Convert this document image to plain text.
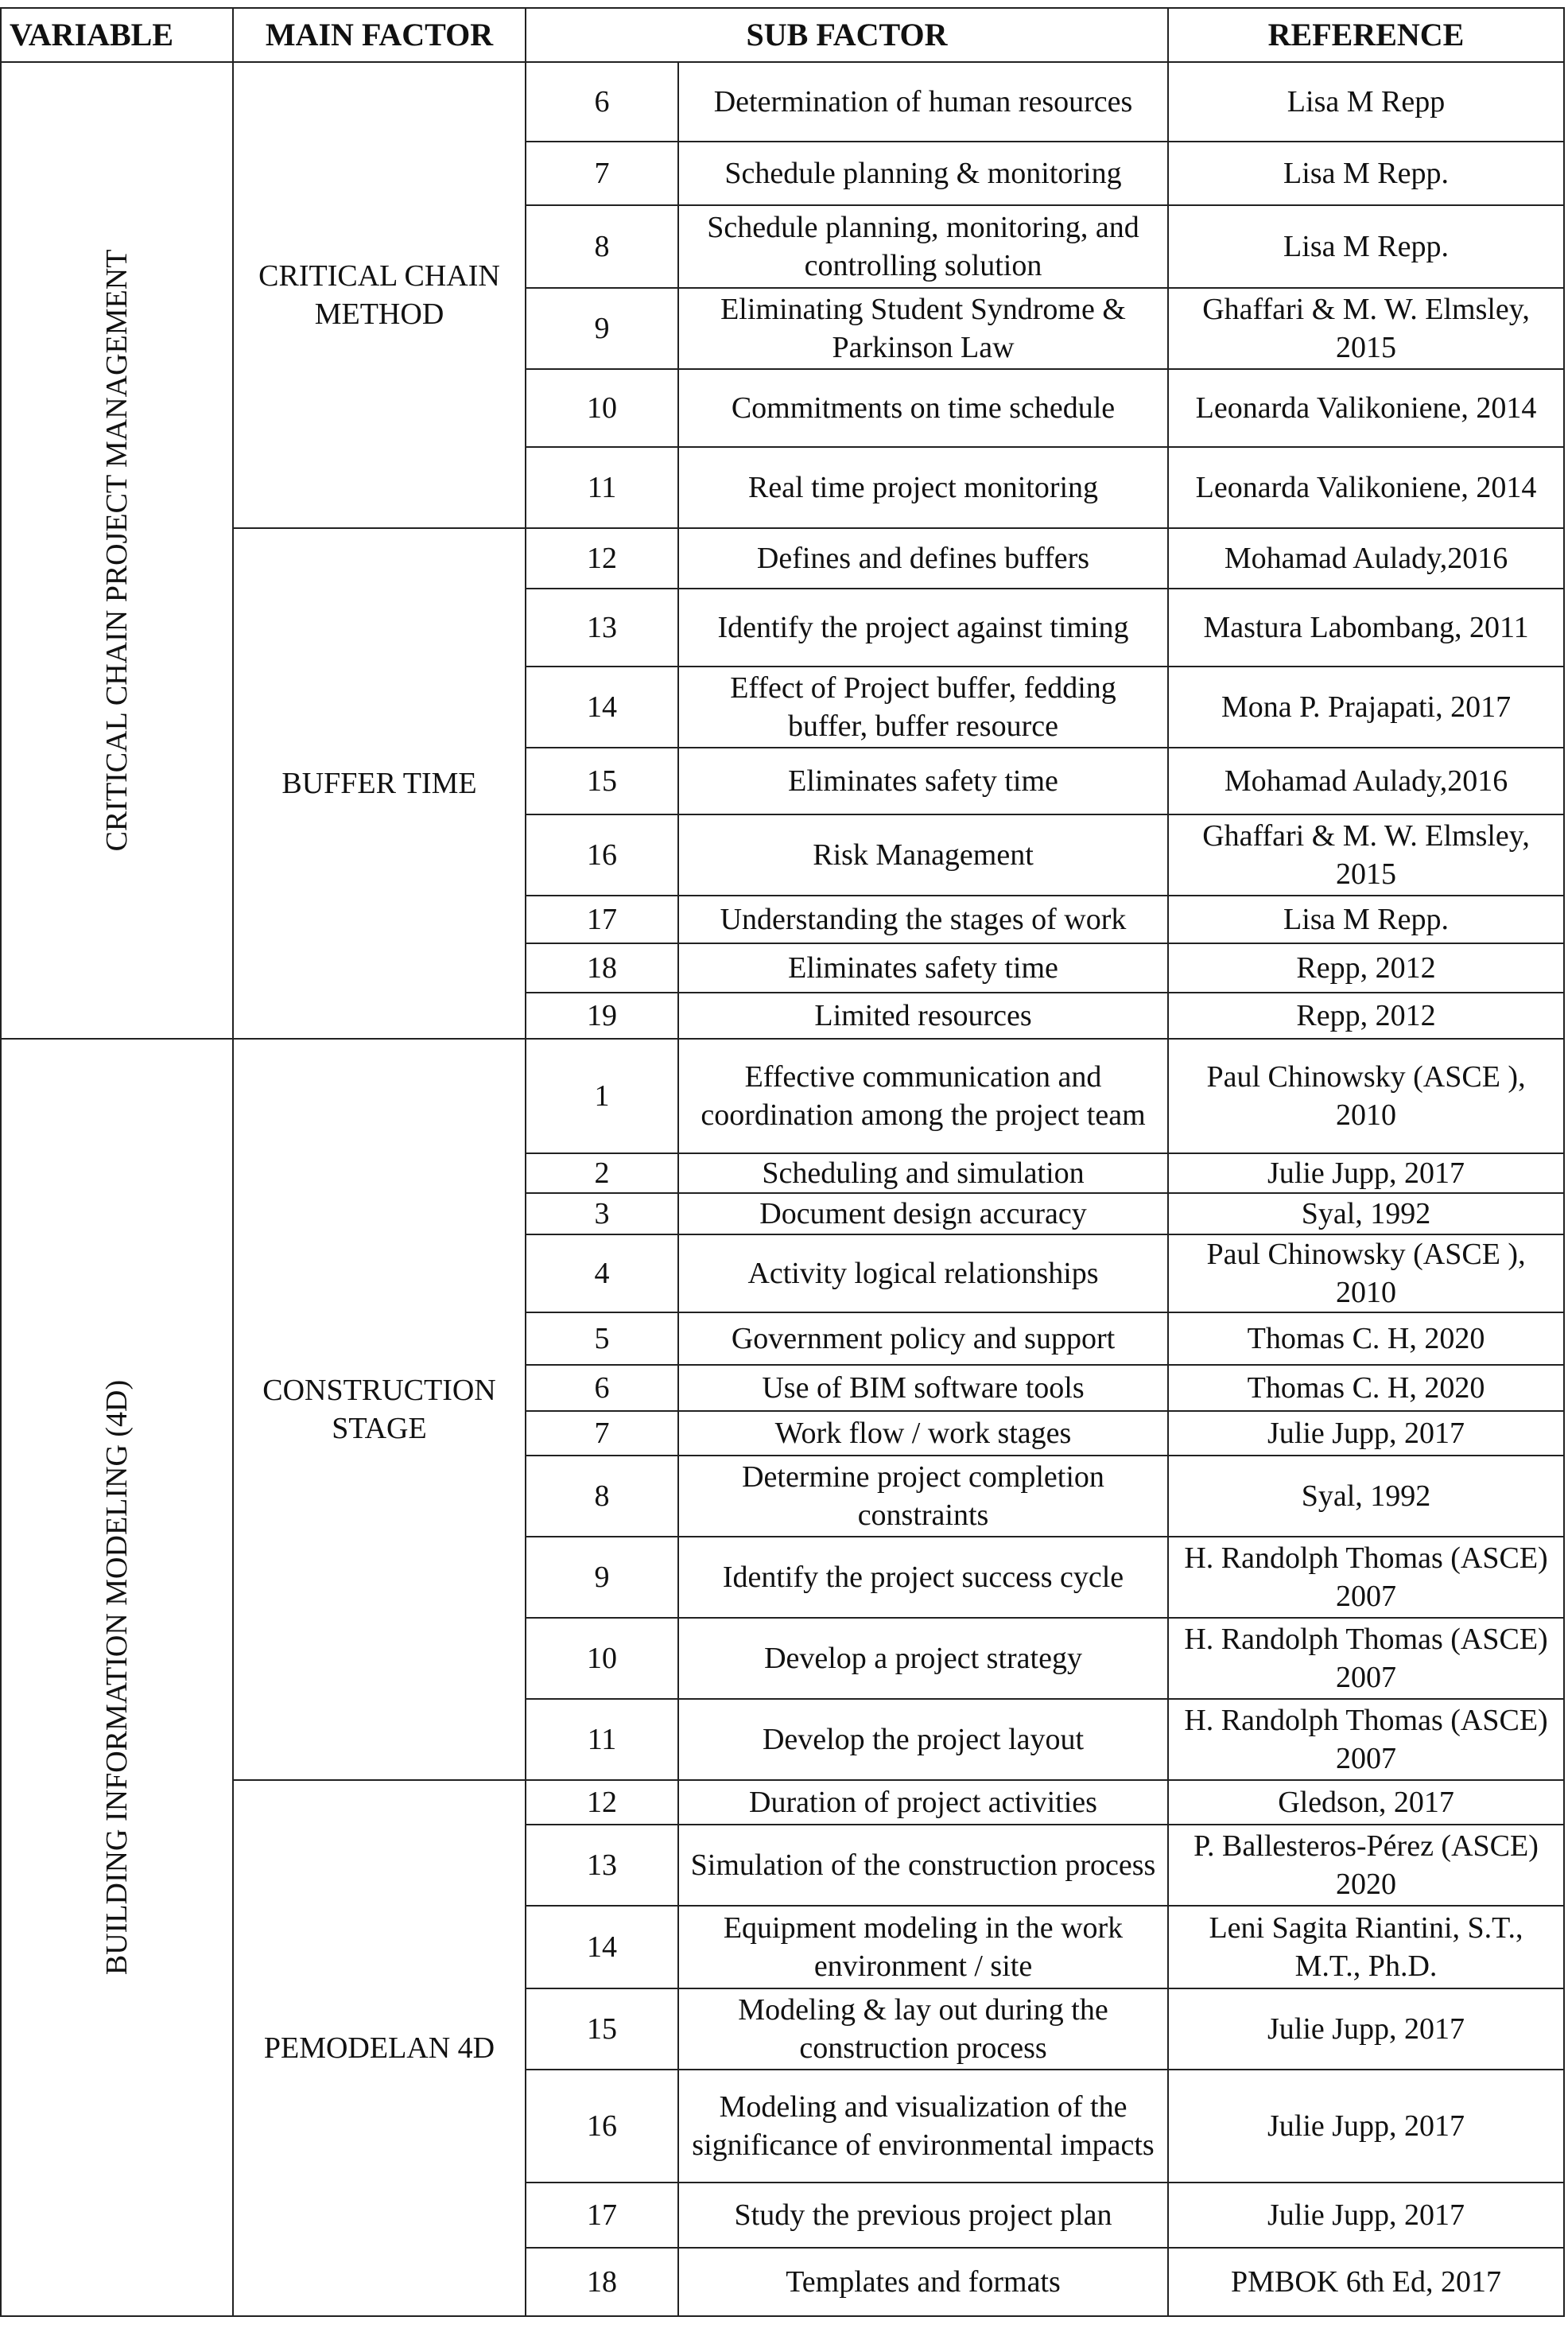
VARIABLE	MAIN FACTOR	SUB FACTOR		REFERENCE

CRITICAL CHAIN PROJECT MANAGEMENT	CRITICAL CHAIN METHOD	6	Determination of human resources	Lisa M Repp
		7	Schedule planning & monitoring	Lisa M Repp.
		8	Schedule planning, monitoring, and controlling solution	Lisa M Repp.
		9	Eliminating Student Syndrome & Parkinson Law	Ghaffari & M. W. Elmsley, 2015
		10	Commitments on time schedule	Leonarda Valikoniene, 2014
		11	Real time project monitoring	Leonarda Valikoniene, 2014
	BUFFER TIME	12	Defines and defines buffers	Mohamad Aulady,2016
		13	Identify the project against timing	Mastura Labombang, 2011
		14	Effect of Project buffer, fedding buffer, buffer resource	Mona P. Prajapati, 2017
		15	Eliminates safety time	Mohamad Aulady,2016
		16	Risk Management	Ghaffari & M. W. Elmsley, 2015
		17	Understanding the stages of work	Lisa M Repp.
		18	Eliminates safety time	Repp, 2012
		19	Limited resources	Repp, 2012

BUILDING INFORMATION MODELING (4D)	CONSTRUCTION STAGE	1	Effective communication and coordination among the project team	Paul Chinowsky (ASCE ), 2010
		2	Scheduling and simulation	Julie Jupp, 2017
		3	Document design accuracy	Syal, 1992
		4	Activity logical relationships	Paul Chinowsky (ASCE ), 2010
		5	Government policy and support	Thomas C. H, 2020
		6	Use of BIM software tools	Thomas C. H, 2020
		7	Work flow / work stages	Julie Jupp, 2017
		8	Determine project completion constraints	Syal, 1992
		9	Identify the project success cycle	H. Randolph Thomas (ASCE) 2007
		10	Develop a project strategy	H. Randolph Thomas (ASCE) 2007
		11	Develop the project layout	H. Randolph Thomas (ASCE) 2007
	PEMODELAN 4D	12	Duration of project activities	Gledson, 2017
		13	Simulation of the construction process	P. Ballesteros-Pérez (ASCE) 2020
		14	Equipment modeling in the work environment / site	Leni Sagita Riantini, S.T., M.T., Ph.D.
		15	Modeling & lay out during the construction process	Julie Jupp, 2017
		16	Modeling and visualization of the significance of environmental impacts	Julie Jupp, 2017
		17	Study the previous project plan	Julie Jupp, 2017
		18	Templates and formats	PMBOK 6th Ed, 2017
